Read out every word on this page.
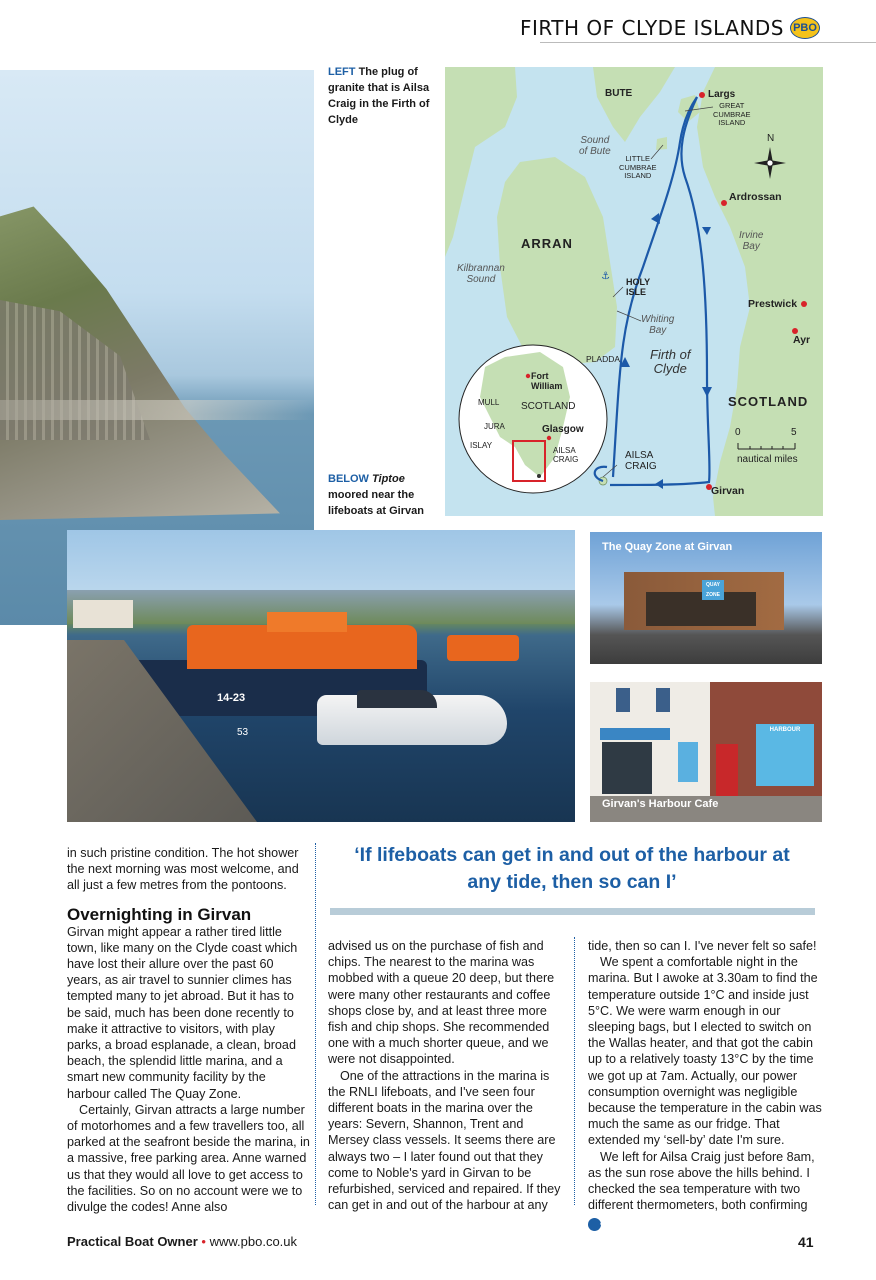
FIRTH OF CLYDE ISLANDS PBO
LEFT The plug of granite that is Ailsa Craig in the Firth of Clyde
BELOW Tiptoe moored near the lifeboats at Girvan
⚓
BUTE	Largs
GREAT
CUMBRAE
ISLAND
Sound
of Bute
LITTLE
CUMBRAE
ISLAND
N
Ardrossan
ARRAN
Irvine
Bay
Kilbrannan
Sound	HOLY
ISLE
Prestwick
Whiting
Bay
Ayr
PLADDA Firth of
Clyde
SCOTLAND
0	5
nautical miles
AILSA
CRAIG
Girvan
Fort
William
MULL SCOTLAND
JURA	Glasgow
ISLAY
AILSA
CRAIG
14-23
53
QUAY ZONE
The Quay Zone at Girvan
HARBOUR
Girvan's Harbour Cafe

in such pristine condition. The hot shower the next morning was most welcome, and all just a few metres from the pontoons.

Overnighting in Girvan

Girvan might appear a rather tired little town, like many on the Clyde coast which have lost their allure over the past 60 years, as air travel to sunnier climes has tempted many to jet abroad. But it has to be said, much has been done recently to make it attractive to visitors, with play parks, a broad esplanade, a clean, broad beach, the splendid little marina, and a smart new community facility by the harbour called The Quay Zone.

Certainly, Girvan attracts a large number of motorhomes and a few travellers too, all parked at the seafront beside the marina, in a massive, free parking area. Anne warned us that they would all love to get access to the facilities. So on no account were we to divulge the codes! Anne also

‘If lifeboats can get in and out of the harbour at any tide, then so can I’

advised us on the purchase of fish and chips. The nearest to the marina was mobbed with a queue 20 deep, but there were many other restaurants and coffee shops close by, and at least three more fish and chip shops. She recommended one with a much shorter queue, and we were not disappointed.

One of the attractions in the marina is the RNLI lifeboats, and I've seen four different boats in the marina over the years: Severn, Shannon, Trent and Mersey class vessels. It seems there are always two – I later found out that they come to Noble's yard in Girvan to be refurbished, serviced and repaired. If they can get in and out of the harbour at any

tide, then so can I. I've never felt so safe!

We spent a comfortable night in the marina. But I awoke at 3.30am to find the temperature outside 1°C and inside just 5°C. We were warm enough in our sleeping bags, but I elected to switch on the Wallas heater, and that got the cabin up to a relatively toasty 13°C by the time we got up at 7am. Actually, our power consumption overnight was negligible because the temperature in the cabin was much the same as our fridge. That extended my ‘sell-by’ date I'm sure.

We left for Ailsa Craig just before 8am, as the sun rose above the hills behind. I checked the sea temperature with two different thermometers, both confirming ➔

Practical Boat Owner • www.pbo.co.uk	41
